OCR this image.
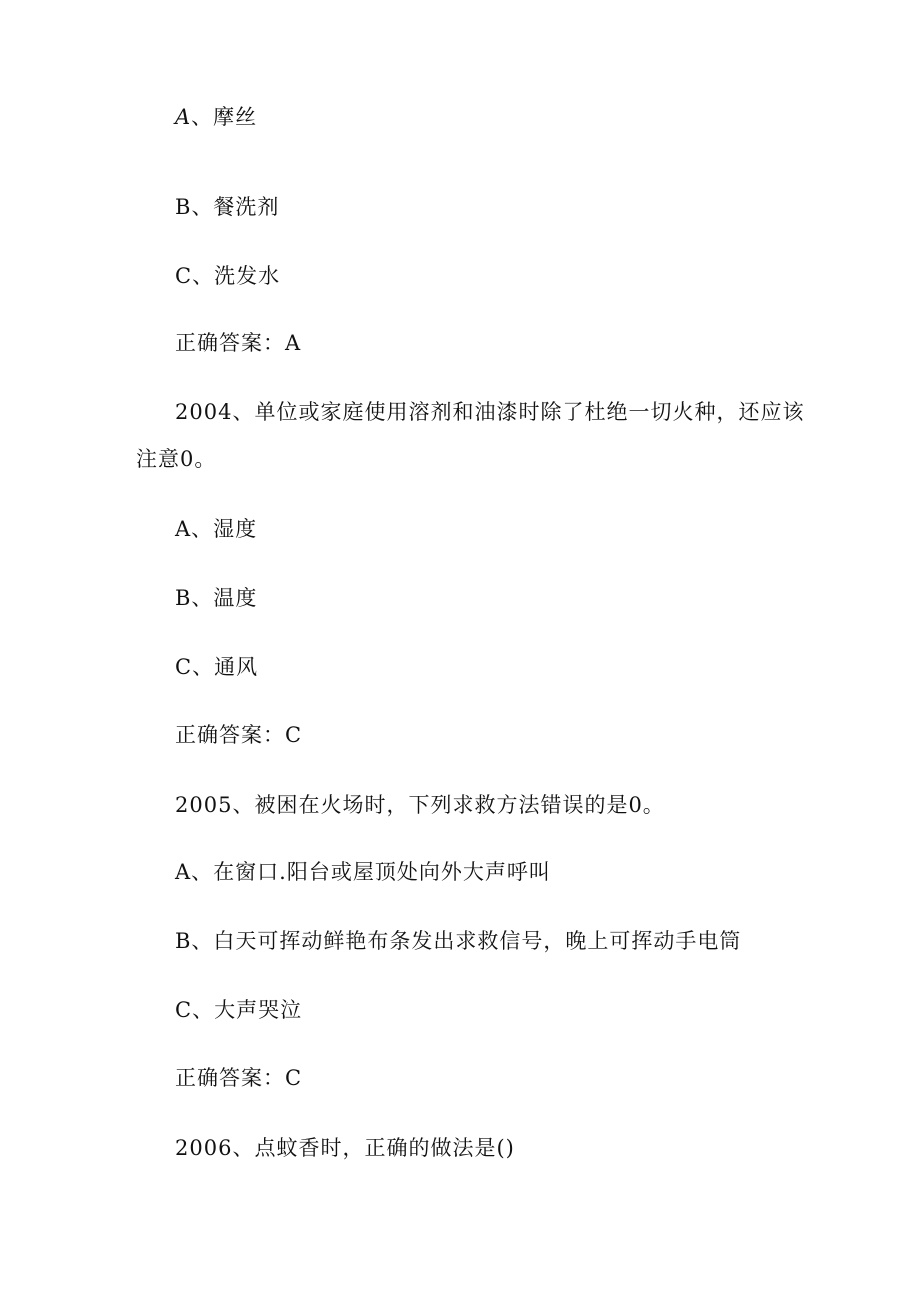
A、摩丝
B、餐洗剂
C、洗发水
正确答案：A
2004、单位或家庭使用溶剂和油漆时除了杜绝一切火种，还应该
注意0。
A、湿度
B、温度
C、通风
正确答案：C
2005、被困在火场时，下列求救方法错误的是0。
A、在窗口.阳台或屋顶处向外大声呼叫
B、白天可挥动鲜艳布条发出求救信号，晚上可挥动手电筒
C、大声哭泣
正确答案：C
2006、点蚊香时，正确的做法是()
